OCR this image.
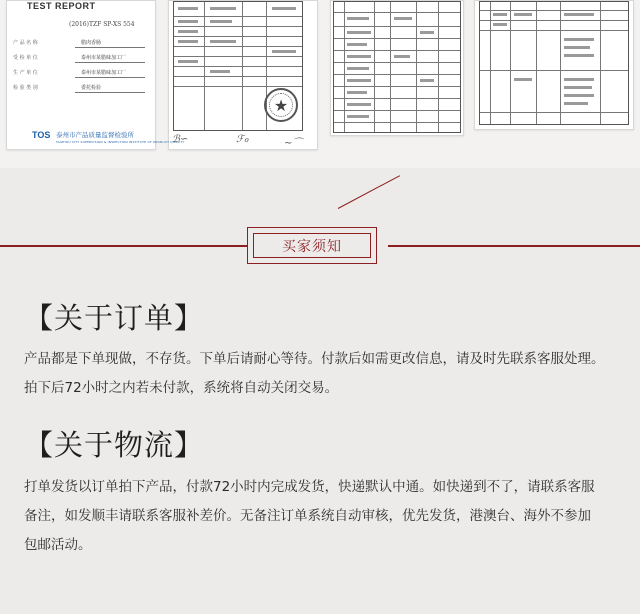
TEST REPORT
(2016)TZF SP-XS 554
产 品 名 称	腊肉香肠
受 检 单 位	泰州市某腊味加工厂
生 产 单 位	泰州市某腊味加工厂
检 验 类 别	委托检验
★
ℬ∽	ℱℴ	∼⌒
TOS 泰州市产品质量监督检验所
TAIZHOU CITY SUPERVISION & INSPECTION INSTITUTE OF PRODUCT QUALITY
买家须知
【关于订单】
产品都是下单现做，不存货。下单后请耐心等待。付款后如需更改信息，请及时先联系客服处理。
拍下后72小时之内若未付款，系统将自动关闭交易。
【关于物流】
打单发货以订单拍下产品，付款72小时内完成发货，快递默认中通。如快递到不了，请联系客服
备注，如发顺丰请联系客服补差价。无备注订单系统自动审核，优先发货，港澳台、海外不参加
包邮活动。
